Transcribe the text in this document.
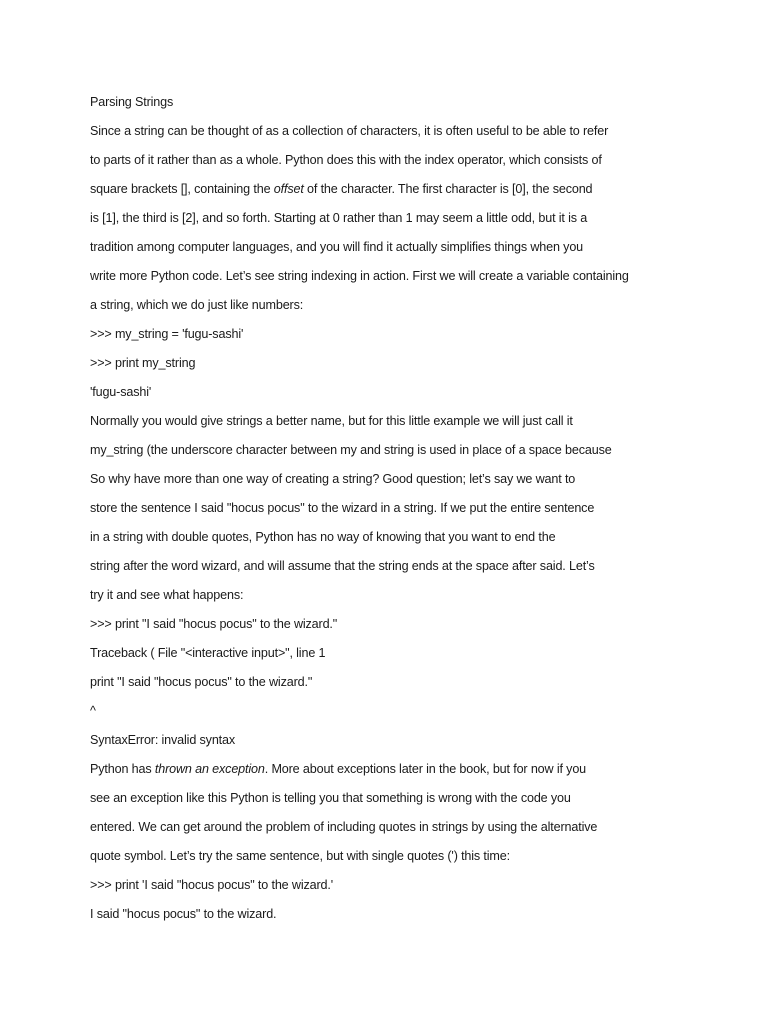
Parsing Strings
Since a string can be thought of as a collection of characters, it is often useful to be able to refer
to parts of it rather than as a whole. Python does this with the index operator, which consists of
square brackets [], containing the offset of the character. The first character is [0], the second
is [1], the third is [2], and so forth. Starting at 0 rather than 1 may seem a little odd, but it is a
tradition among computer languages, and you will find it actually simplifies things when you
write more Python code. Let’s see string indexing in action. First we will create a variable containing
a string, which we do just like numbers:
>>> my_string = 'fugu-sashi'
>>> print my_string
'fugu-sashi'
Normally you would give strings a better name, but for this little example we will just call it
my_string (the underscore character between my and string is used in place of a space because
So why have more than one way of creating a string? Good question; let’s say we want to
store the sentence I said "hocus pocus" to the wizard in a string. If we put the entire sentence
in a string with double quotes, Python has no way of knowing that you want to end the
string after the word wizard, and will assume that the string ends at the space after said. Let’s
try it and see what happens:
>>> print "I said "hocus pocus" to the wizard."
Traceback ( File "<interactive input>", line 1
print "I said "hocus pocus" to the wizard."
^
SyntaxError: invalid syntax
Python has thrown an exception. More about exceptions later in the book, but for now if you
see an exception like this Python is telling you that something is wrong with the code you
entered. We can get around the problem of including quotes in strings by using the alternative
quote symbol. Let’s try the same sentence, but with single quotes (') this time:
>>> print 'I said "hocus pocus" to the wizard.'
I said "hocus pocus" to the wizard.
